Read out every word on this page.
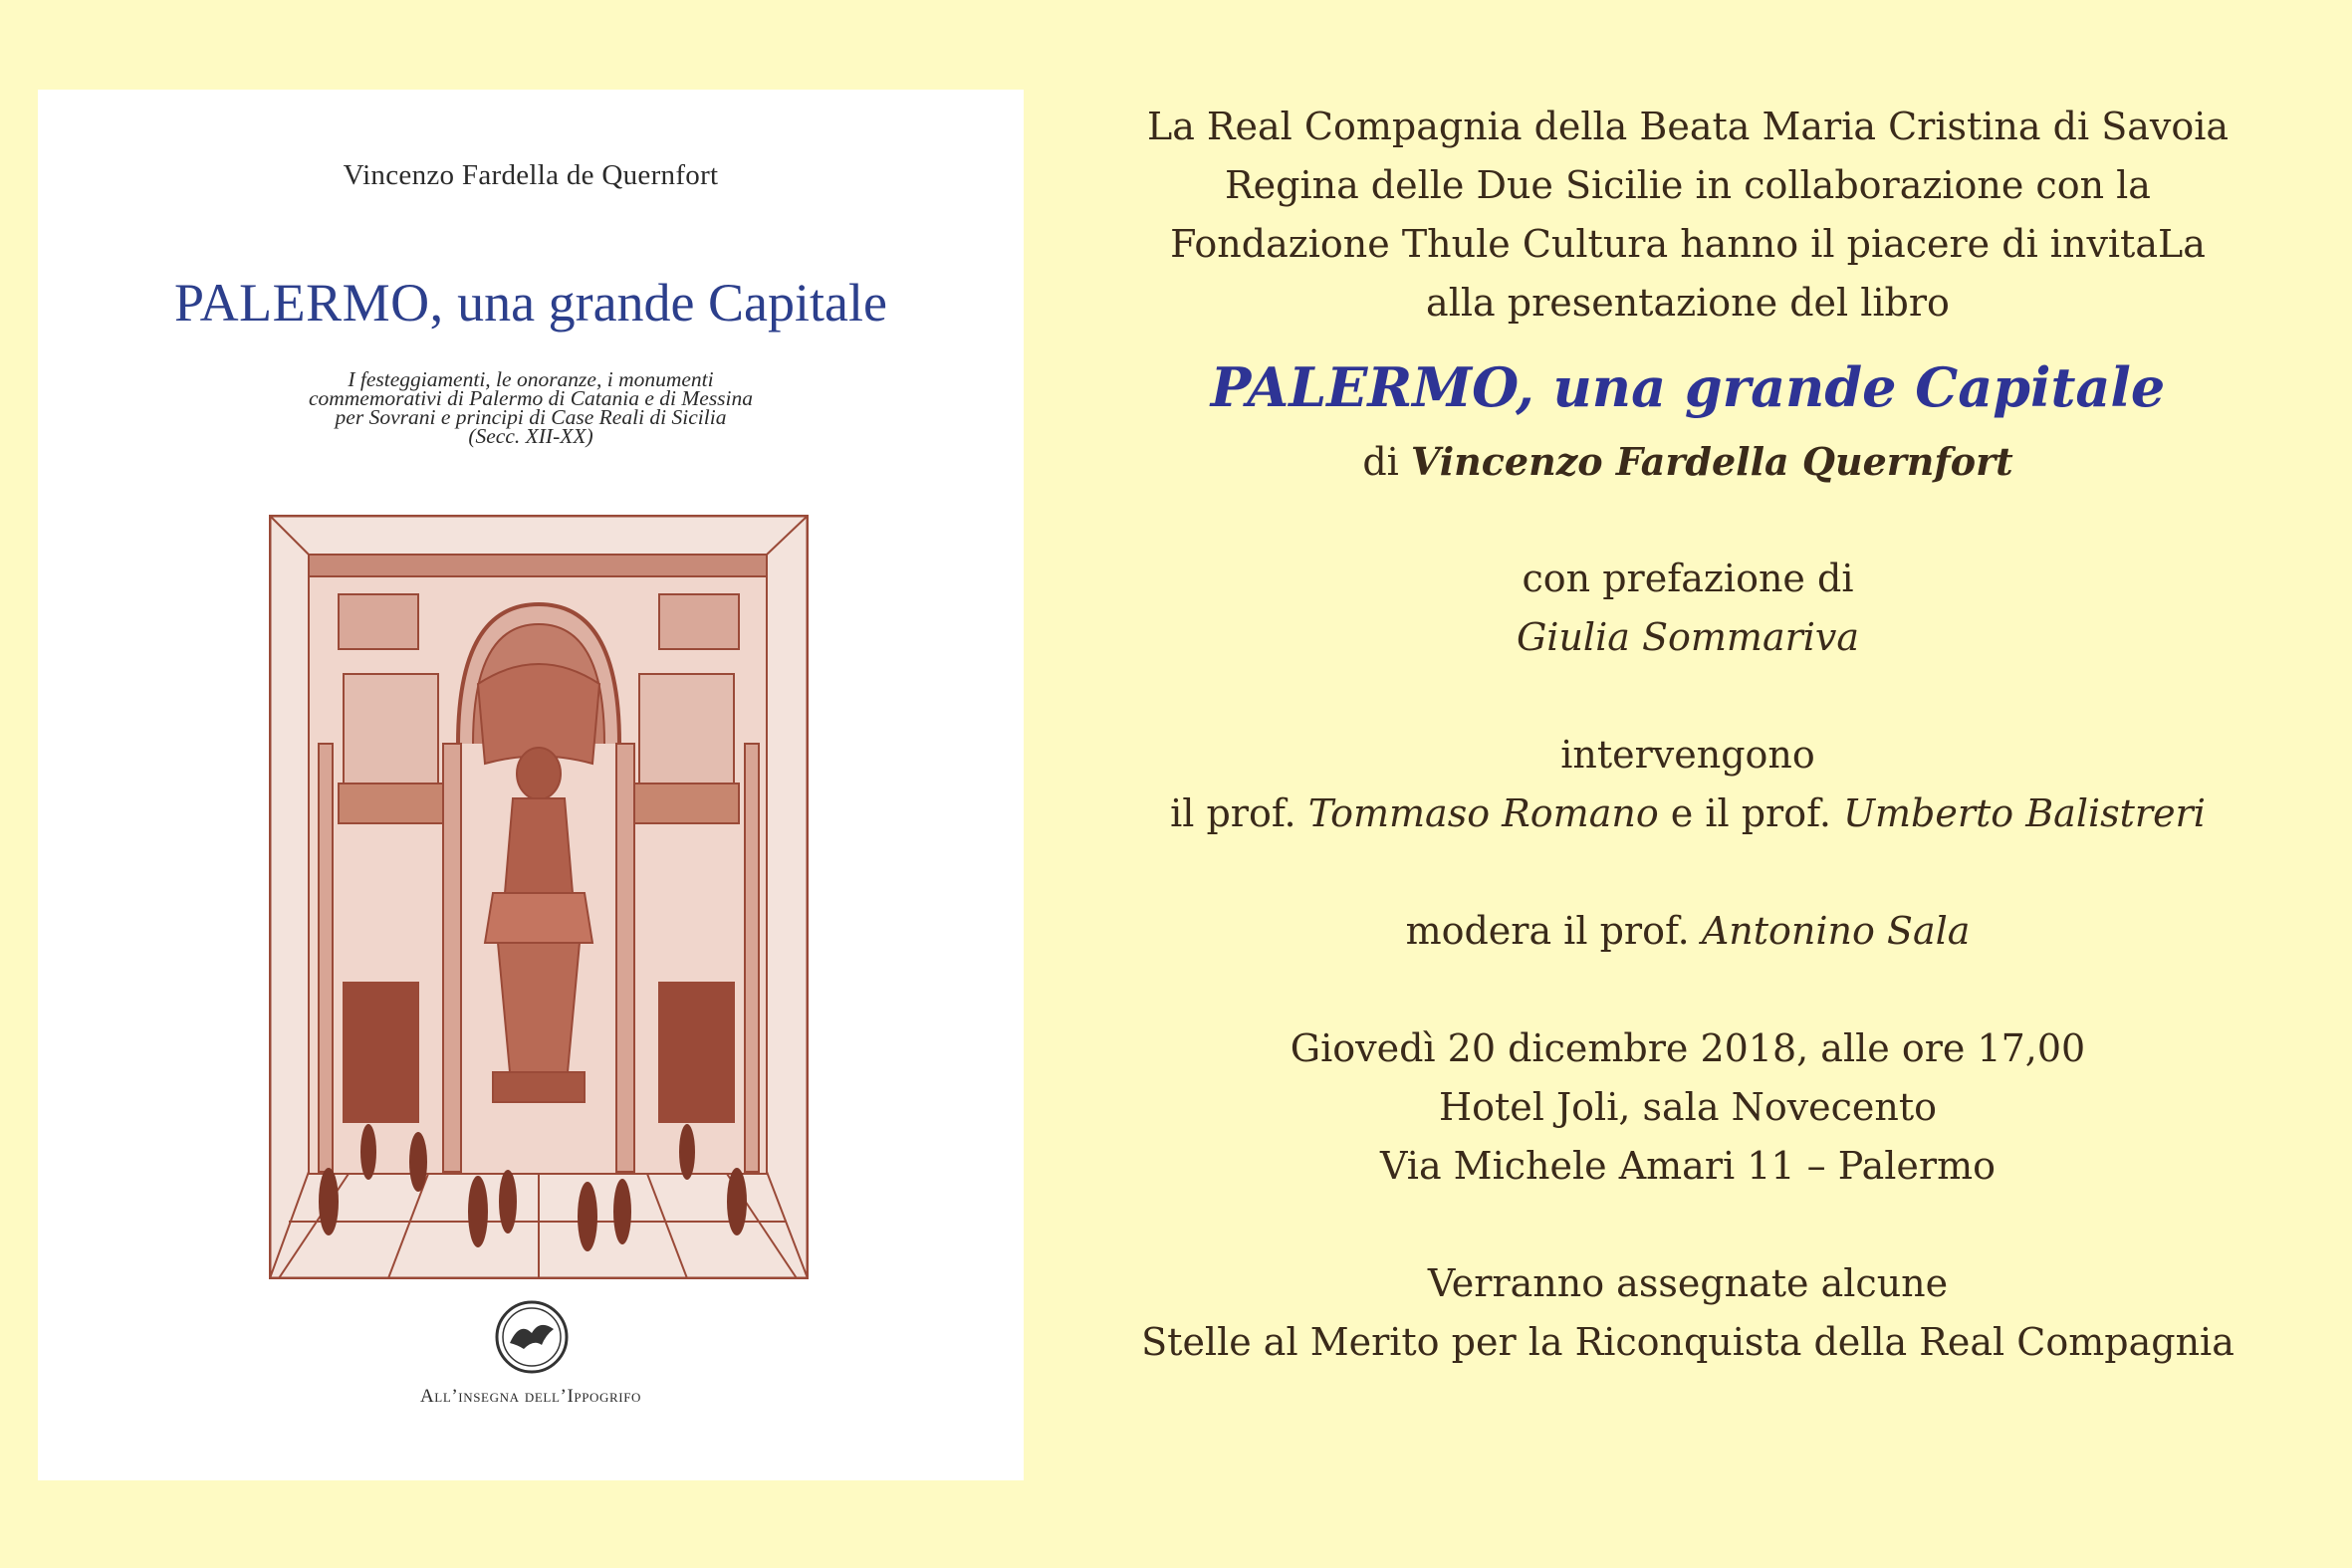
Vincenzo Fardella de Quernfort
PALERMO, una grande Capitale
I festeggiamenti, le onoranze, i monumenti
commemorativi di Palermo di Catania e di Messina
per Sovrani e principi di Case Reali di Sicilia
(Secc. XII-XX)
All’insegna dell’Ippogrifo
La Real Compagnia della Beata Maria Cristina di Savoia
Regina delle Due Sicilie in collaborazione con la
Fondazione Thule Cultura hanno il piacere di invitaLa
alla presentazione del libro
PALERMO, una grande Capitale
di Vincenzo Fardella Quernfort
con prefazione di
Giulia Sommariva
intervengono
il prof. Tommaso Romano e il prof. Umberto Balistreri
modera il prof. Antonino Sala
Giovedì 20 dicembre 2018, alle ore 17,00
Hotel Joli, sala Novecento
Via Michele Amari 11 – Palermo
Verranno assegnate alcune
Stelle al Merito per la Riconquista della Real Compagnia
